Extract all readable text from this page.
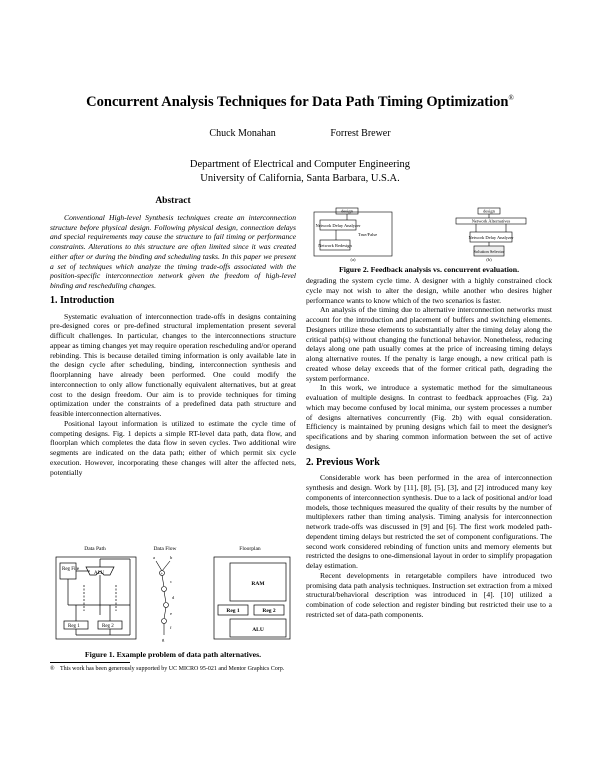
Concurrent Analysis Techniques for Data Path Timing Optimization®
Chuck Monahan	Forrest Brewer
Department of Electrical and Computer Engineering
University of California, Santa Barbara, U.S.A.
Abstract

Conventional High-level Synthesis techniques create an interconnection structure before physical design. Following physical design, connection delays and special requirements may cause the structure to fail timing or performance constraints. Alterations to this structure are often limited since it was created either after or during the binding and scheduling tasks. In this paper we present a set of techniques which analyze the timing trade-offs associated with the position-specific interconnection network given the freedom of high-level binding and rescheduling changes.

1. Introduction

Systematic evaluation of interconnection trade-offs in designs containing pre-designed cores or pre-defined structural implementation present several difficult challenges. In particular, changes to the interconnections structure appear as timing changes yet may require operation rescheduling and/or operand rebinding. This is because detailed timing information is only available late in the design cycle after scheduling, binding, interconnection synthesis and floorplanning have already been performed. One could modify the interconnection to only allow functionally equivalent alternatives, but at great cost to the design freedom. Our aim is to provide techniques for timing optimization under the constraints of a predefined data path structure and feasible interconnection alternatives.

Positional layout information is utilized to estimate the cycle time of competing designs. Fig. 1 depicts a simple RT-level data path, data flow, and floorplan which completes the data flow in seven cycles. Two additional wire segments are indicated on the data path; either of which permit six cycle execution. However, incorporating these changes will alter the affected nets, potentially

Data Path	Data Flow	Floorplan
Reg File
ALU
Reg 1	Reg 2
a	b
+
c
d
e
f
g
RAM
Reg 1	Reg 2
ALU
Figure 1. Example problem of data path alternatives.
® This work has been generously supported by UC MICRO 95-021 and Mentor Graphics Corp.
design
Network Delay Analyzer
True/False
Network Redesign
(a)
design
Network Alternatives
Network Delay Analyzer
Solution Selector
(b)
Figure 2. Feedback analysis vs. concurrent evaluation.

degrading the system cycle time. A designer with a highly constrained clock cycle may not wish to alter the design, while another who desires higher performance wants to know which of the two scenarios is faster.

An analysis of the timing due to alternative interconnection networks must account for the introduction and placement of buffers and switching elements. Designers utilize these elements to substantially alter the timing delay along the critical path(s) without changing the functional behavior. Nonetheless, reducing delays along one path usually comes at the price of increasing timing delays along alternative routes. If the penalty is large enough, a new critical path is created whose delay exceeds that of the former critical path, degrading the system performance.

In this work, we introduce a systematic method for the simultaneous evaluation of multiple designs. In contrast to feedback approaches (Fig. 2a) which may become confused by local minima, our system processes a number of designs alternatives concurrently (Fig. 2b) with equal consideration. Efficiency is maintained by pruning designs which fail to meet the designer's specifications and by sharing common information between the set of active designs.

2. Previous Work

Considerable work has been performed in the area of interconnection synthesis and design. Work by [11], [8], [5], [3], and [2] introduced many key components of interconnection synthesis. Due to a lack of positional and/or load models, those techniques measured the quality of their results by the number of multiplexers rather than timing analysis. Timing analysis for interconnection network trade-offs was discussed in [9] and [6]. The first work modeled path-dependent timing delays but restricted the set of component configurations. The second work considered rebinding of function units and memory elements but restricted the designs to one-dimensional layout in order to simplify propagation delay estimation.

Recent developments in retargetable compilers have introduced two promising data path analysis techniques. Instruction set extraction from a mixed structural/behavioral description was introduced in [4]. [10] utilized a combination of code selection and register binding but restricted their use to a restricted set of data-path components.
